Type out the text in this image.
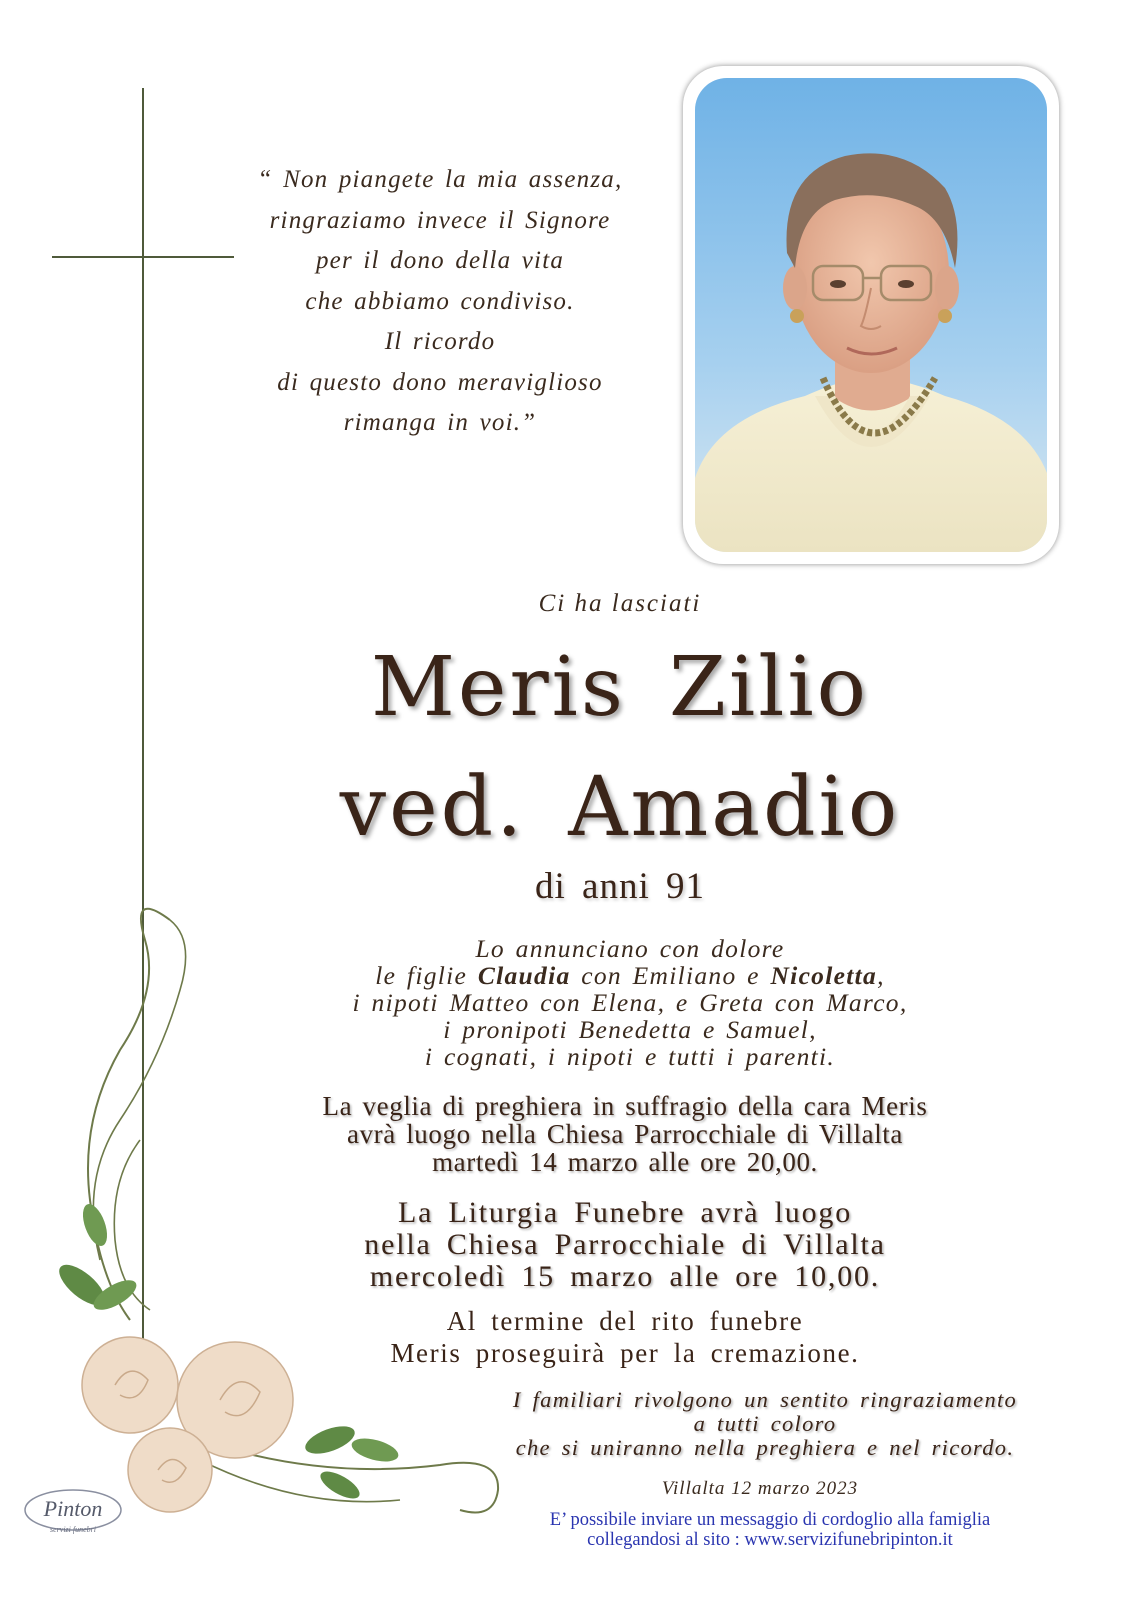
“ Non piangete la mia assenza,
ringraziamo invece il Signore
per il dono della vita
che abbiamo condiviso.
Il ricordo
di questo dono meraviglioso
rimanga in voi.”
Ci ha lasciati
Meris Zilio
ved. Amadio
di anni 91
Lo annunciano con dolore
le figlie Claudia con Emiliano e Nicoletta,
i nipoti Matteo con Elena, e Greta con Marco,
i pronipoti Benedetta e Samuel,
i cognati, i nipoti e tutti i parenti.
La veglia di preghiera in suffragio della cara Meris
avrà luogo nella Chiesa Parrocchiale di Villalta
martedì 14 marzo alle ore 20,00.
La Liturgia Funebre avrà luogo
nella Chiesa Parrocchiale di Villalta
mercoledì 15 marzo alle ore 10,00.
Al termine del rito funebre
Meris proseguirà per la cremazione.
I familiari rivolgono un sentito ringraziamento
a tutti coloro
che si uniranno nella preghiera e nel ricordo.
Villalta 12 marzo 2023
E’ possibile inviare un messaggio di cordoglio alla famiglia
collegandosi al sito : www.servizifunebripinton.it
Pinton
servizi funebri
